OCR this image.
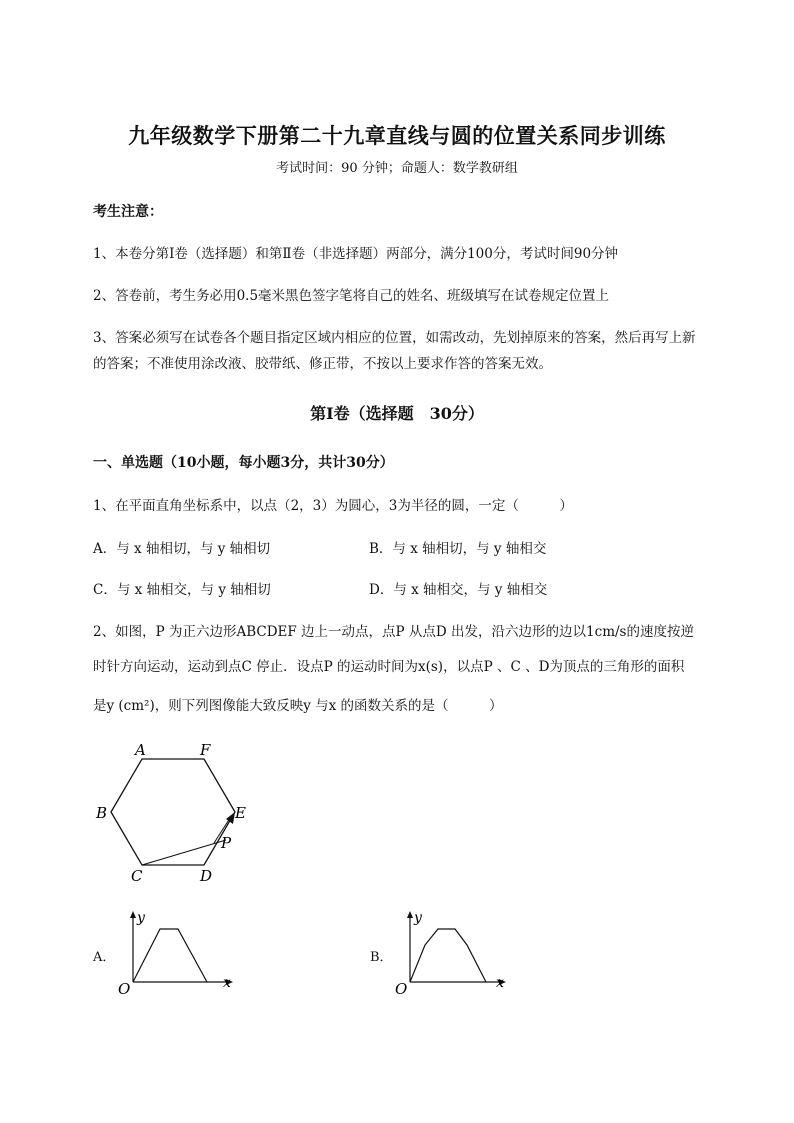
九年级数学下册第二十九章直线与圆的位置关系同步训练
考试时间：90 分钟；命题人：数学教研组
考生注意：
1、本卷分第Ⅰ卷（选择题）和第Ⅱ卷（非选择题）两部分，满分100分，考试时间90分钟
2、答卷前，考生务必用0.5毫米黑色签字笔将自己的姓名、班级填写在试卷规定位置上
3、答案必须写在试卷各个题目指定区域内相应的位置，如需改动，先划掉原来的答案，然后再写上新
的答案；不准使用涂改液、胶带纸、修正带，不按以上要求作答的答案无效。
第Ⅰ卷（选择题　30分）
一、单选题（10小题，每小题3分，共计30分）
1、在平面直角坐标系中，以点（2，3）为圆心，3为半径的圆，一定（　　　）
A．与 x 轴相切，与 y 轴相切	B．与 x 轴相切，与 y 轴相交
C．与 x 轴相交，与 y 轴相切	D．与 x 轴相交，与 y 轴相交
2、如图，P 为正六边形ABCDEF 边上一动点，点P 从点D 出发，沿六边形的边以1cm/s的速度按逆
时针方向运动，运动到点C 停止．设点P 的运动时间为x(s)，以点P 、C 、D为顶点的三角形的面积
是y (cm²)，则下列图像能大致反映y 与x 的函数关系的是（　　　）
A	F
B	E
P
C	D
A．
y
x
O
B．
y
x
O
